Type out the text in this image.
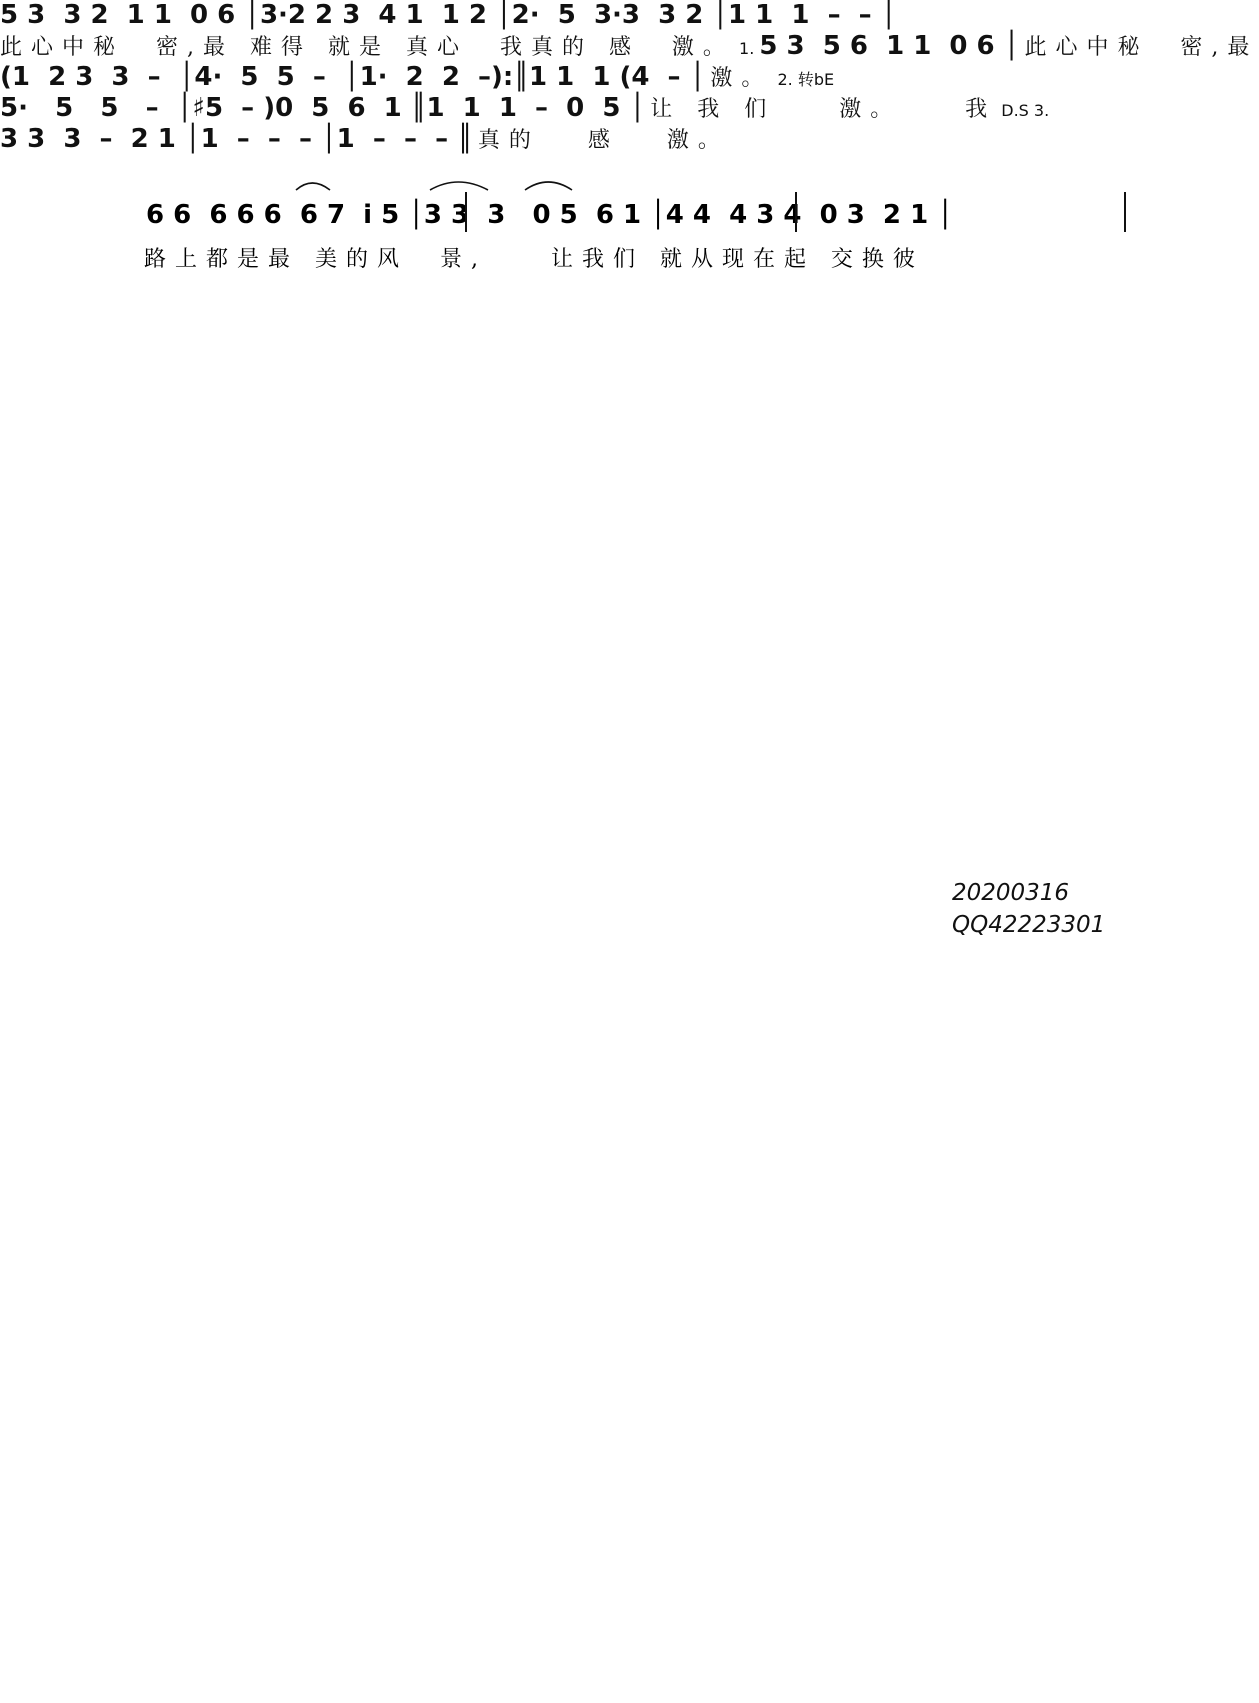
6 6  6 6 6  6 7  i 5 │3 3  3   0 5  6 1 │4 4  4 3 4  0 3  2 1 │
路上都是最 美的风  景,    让我们 就从现在起 交换彼
5 3  3 2  1 1  0 6 │3·2 2 3  4 1  1 2 │2·  5  3·3  3 2 │1 1  1  –  – │ 此心中秘  密,最 难得 就是 真心  我真的 感  激。 1. 5 3  5 6  1 1  0 6 │ 此心中秘  密,最 (1  2 3  3  –  │4·  5  5  –  │1·  2  2  –):║1 1  1 (4  – │ 激。 2. 转bE 5·   5   5   –  │♯5  – )0  5  6  1 ║1  1  1  –  0  5 │ 让 我 们    激。    我 D.S 3. 3 3  3  –  2 1 │1  –  –  – │1  –  –  – ║ 真的   感   激。
20200316
QQ42223301
